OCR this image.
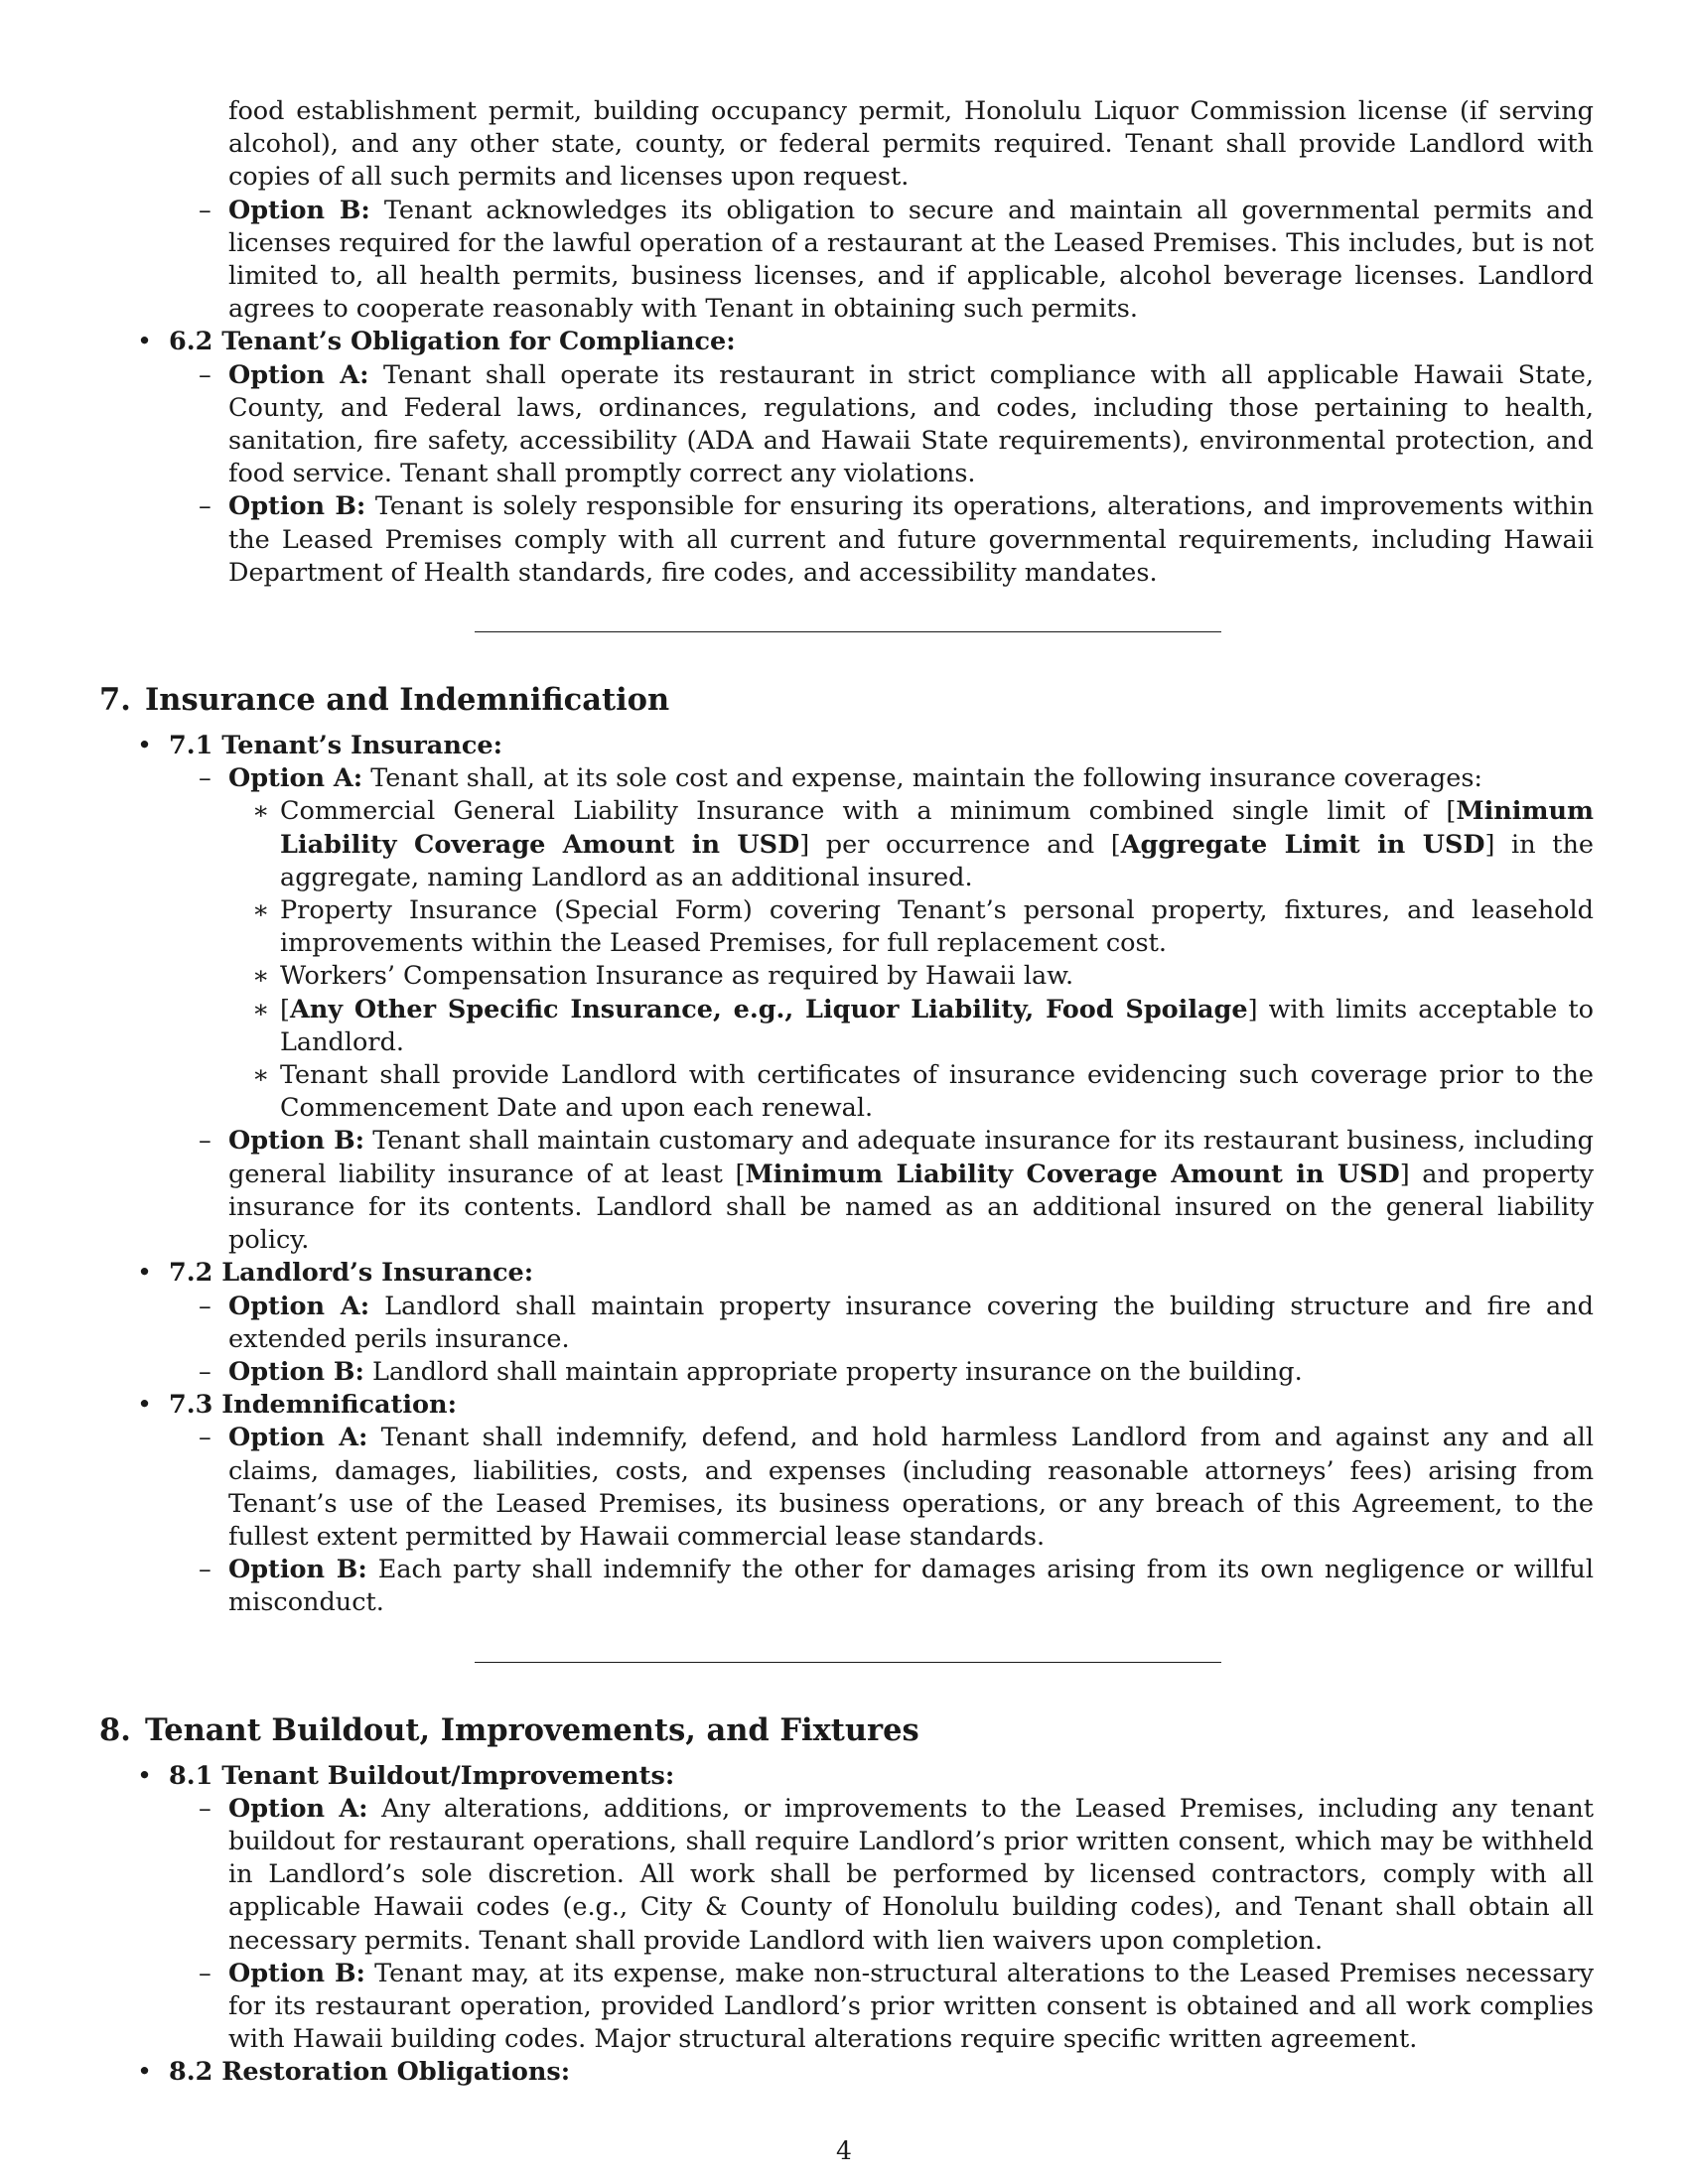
food establishment permit, building occupancy permit, Honolulu Liquor Commission license (if serving alcohol), and any other state, county, or federal permits required. Tenant shall provide Landlord with copies of all such permits and licenses upon request.

– Option B: Tenant acknowledges its obligation to secure and maintain all governmental permits and licenses required for the lawful operation of a restaurant at the Leased Premises. This includes, but is not limited to, all health permits, business licenses, and if applicable, alcohol beverage licenses. Landlord agrees to cooperate reasonably with Tenant in obtaining such permits.

• 6.2 Tenant’s Obligation for Compliance:

– Option A: Tenant shall operate its restaurant in strict compliance with all applicable Hawaii State, County, and Federal laws, ordinances, regulations, and codes, including those pertaining to health, sanitation, fire safety, accessibility (ADA and Hawaii State requirements), environmental protection, and food service. Tenant shall promptly correct any violations.

– Option B: Tenant is solely responsible for ensuring its operations, alterations, and improvements within the Leased Premises comply with all current and future governmental requirements, including Hawaii Department of Health standards, fire codes, and accessibility mandates.

7. Insurance and Indemnification

• 7.1 Tenant’s Insurance:

– Option A: Tenant shall, at its sole cost and expense, maintain the following insurance coverages:

∗ Commercial General Liability Insurance with a minimum combined single limit of [Minimum Liability Coverage Amount in USD] per occurrence and [Aggregate Limit in USD] in the aggregate, naming Landlord as an additional insured.

∗ Property Insurance (Special Form) covering Tenant’s personal property, fixtures, and leasehold improvements within the Leased Premises, for full replacement cost.

∗ Workers’ Compensation Insurance as required by Hawaii law.

∗ [Any Other Specific Insurance, e.g., Liquor Liability, Food Spoilage] with limits acceptable to Landlord.

∗ Tenant shall provide Landlord with certificates of insurance evidencing such coverage prior to the Commencement Date and upon each renewal.

– Option B: Tenant shall maintain customary and adequate insurance for its restaurant business, including general liability insurance of at least [Minimum Liability Coverage Amount in USD] and property insurance for its contents. Landlord shall be named as an additional insured on the general liability policy.

• 7.2 Landlord’s Insurance:

– Option A: Landlord shall maintain property insurance covering the building structure and fire and extended perils insurance.

– Option B: Landlord shall maintain appropriate property insurance on the building.

• 7.3 Indemnification:

– Option A: Tenant shall indemnify, defend, and hold harmless Landlord from and against any and all claims, damages, liabilities, costs, and expenses (including reasonable attorneys’ fees) arising from Tenant’s use of the Leased Premises, its business operations, or any breach of this Agreement, to the fullest extent permitted by Hawaii commercial lease standards.

– Option B: Each party shall indemnify the other for damages arising from its own negligence or willful misconduct.

8. Tenant Buildout, Improvements, and Fixtures

• 8.1 Tenant Buildout/Improvements:

– Option A: Any alterations, additions, or improvements to the Leased Premises, including any tenant buildout for restaurant operations, shall require Landlord’s prior written consent, which may be withheld in Landlord’s sole discretion. All work shall be performed by licensed contractors, comply with all applicable Hawaii codes (e.g., City & County of Honolulu building codes), and Tenant shall obtain all necessary permits. Tenant shall provide Landlord with lien waivers upon completion.

– Option B: Tenant may, at its expense, make non-structural alterations to the Leased Premises necessary for its restaurant operation, provided Landlord’s prior written consent is obtained and all work complies with Hawaii building codes. Major structural alterations require specific written agreement.

• 8.2 Restoration Obligations:

4
